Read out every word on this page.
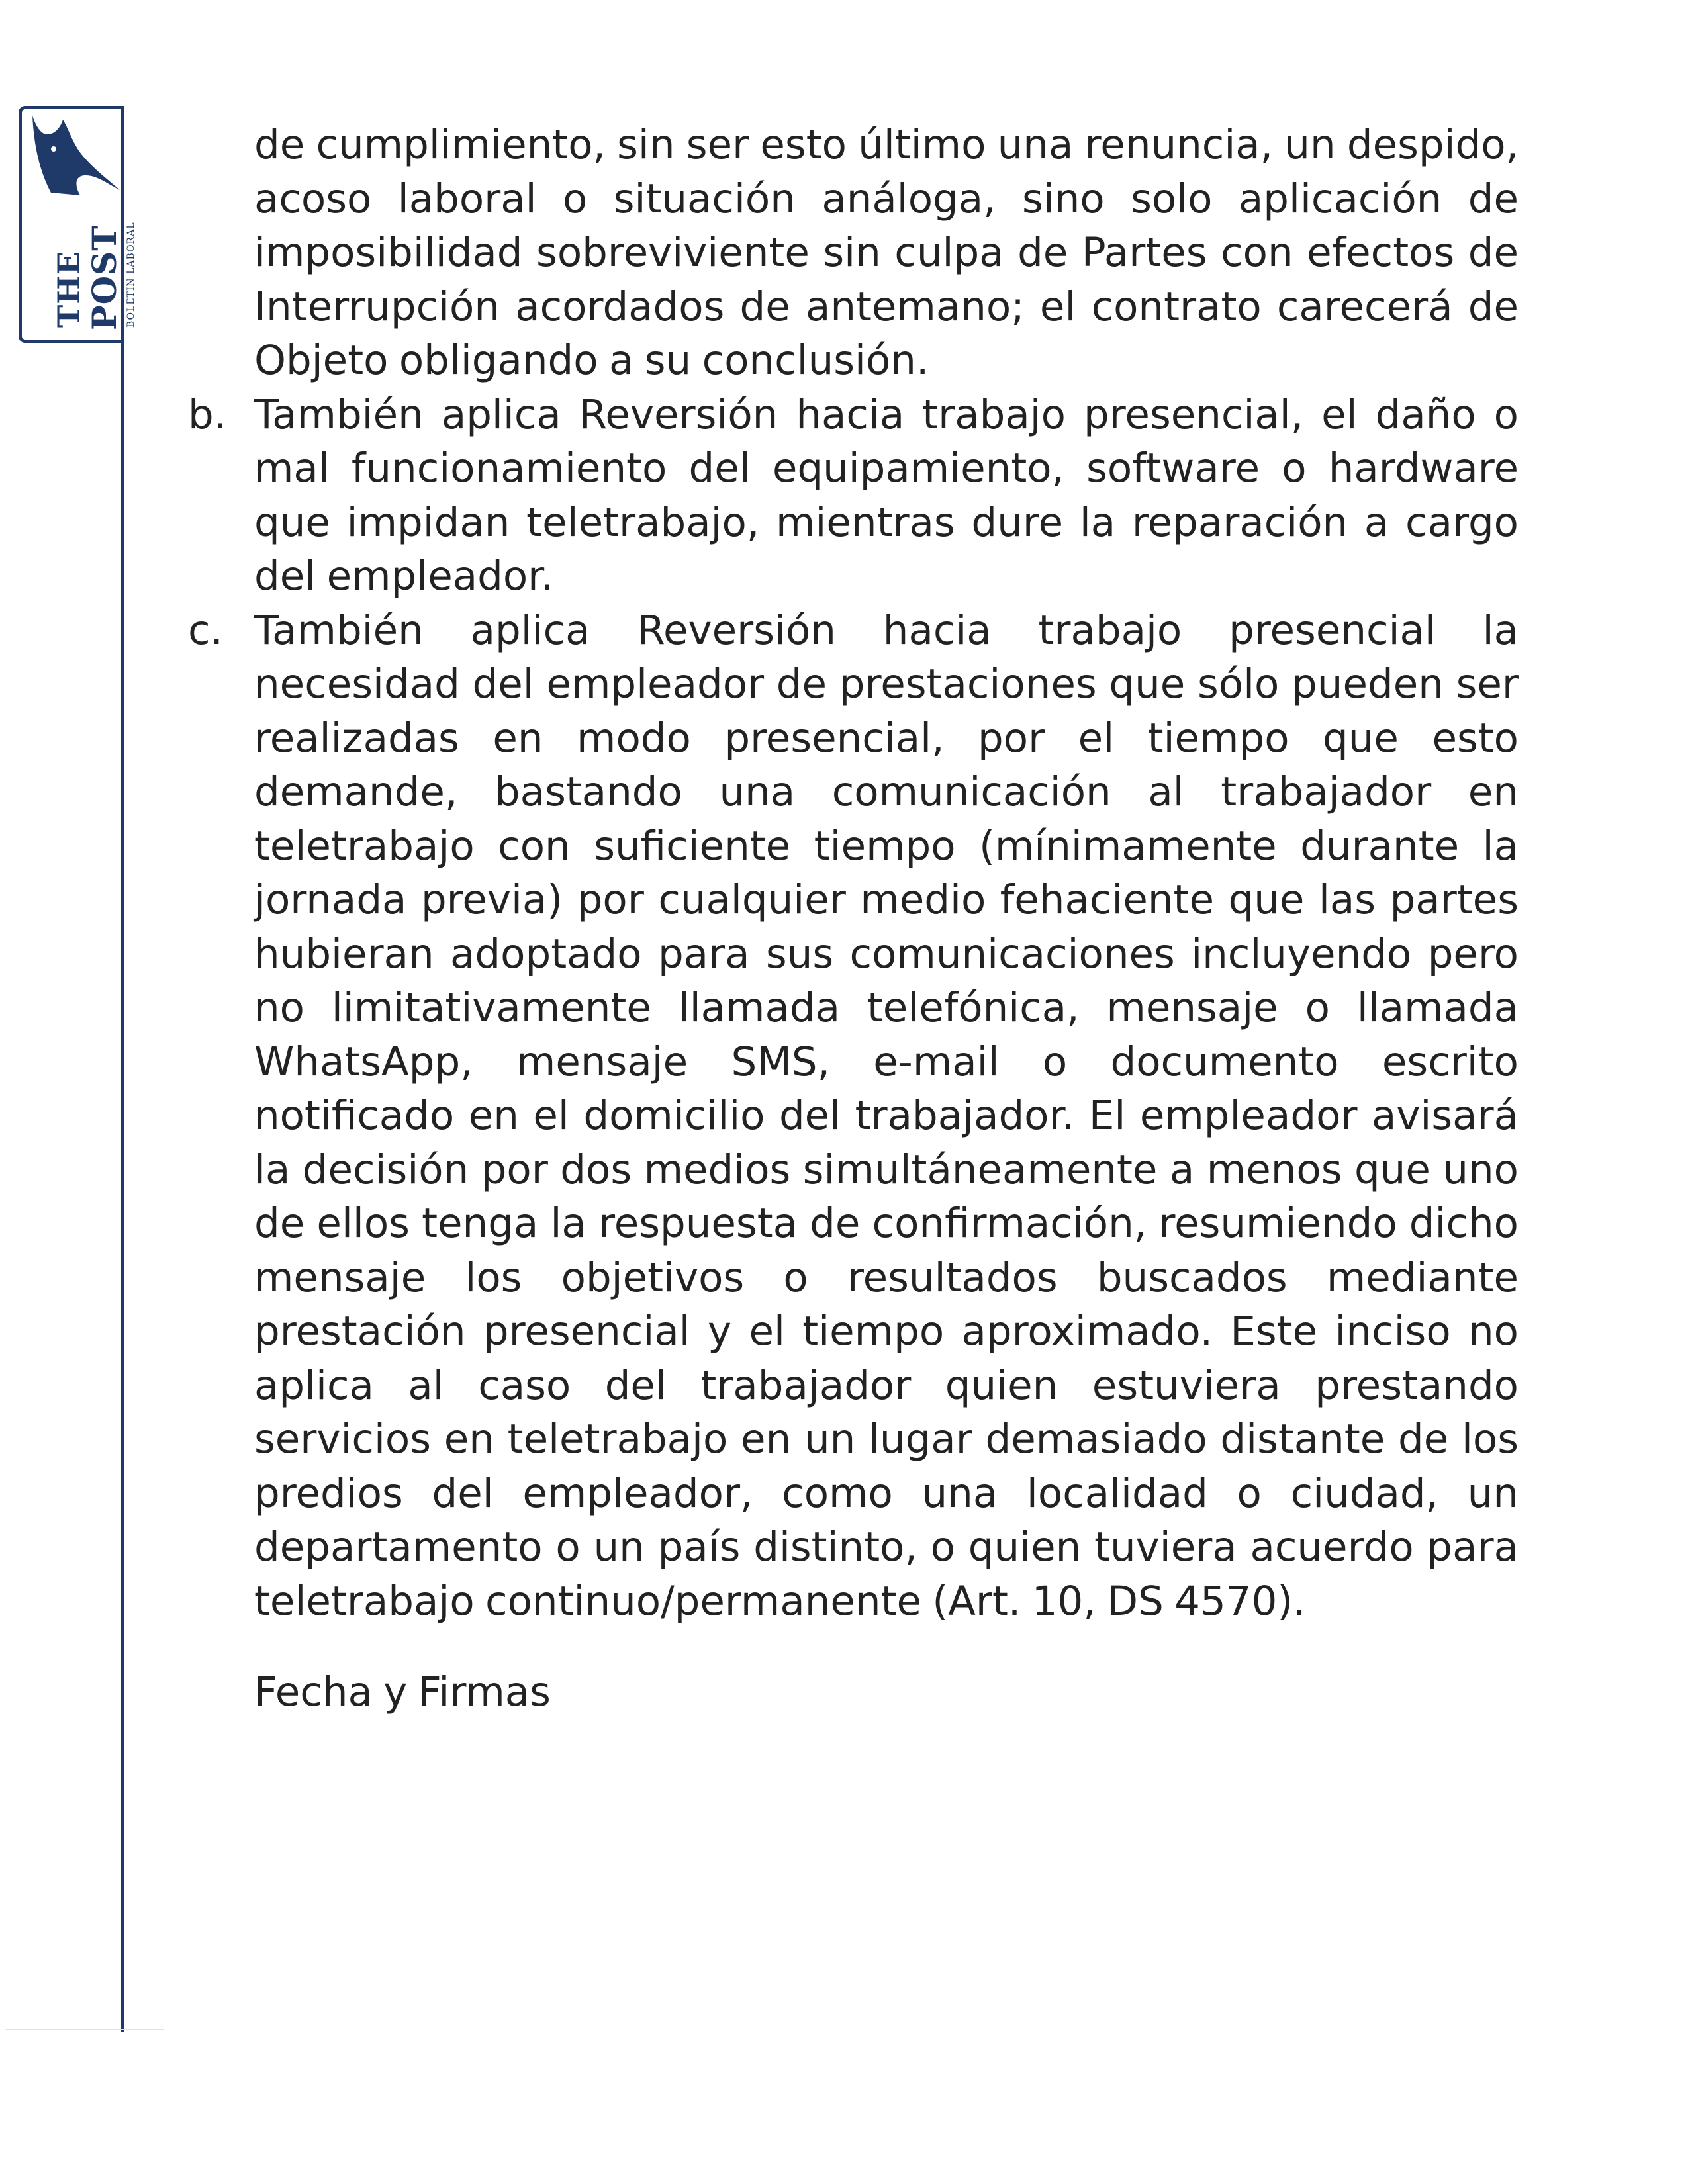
THE
POST BOLETIN LABORAL

de cumplimiento, sin ser esto último una renuncia, un despido, acoso laboral o situación análoga, sino solo aplicación de imposibilidad sobreviviente sin culpa de Partes con efectos de Interrupción acordados de antemano; el contrato carecerá de Objeto obligando a su conclusión.

b. También aplica Reversión hacia trabajo presencial, el daño o mal funcionamiento del equipamiento, software o hardware que impidan teletrabajo, mientras dure la reparación a cargo del empleador.
c. También aplica Reversión hacia trabajo presencial la necesidad del empleador de prestaciones que sólo pueden ser realizadas en modo presencial, por el tiempo que esto demande, bastando una comunicación al trabajador en teletrabajo con suficiente tiempo (mínimamente durante la jornada previa) por cualquier medio fehaciente que las partes hubieran adoptado para sus comunicaciones incluyendo pero no limitativamente llamada telefónica, mensaje o llamada WhatsApp, mensaje SMS, e-mail o documento escrito notificado en el domicilio del trabajador. El empleador avisará la decisión por dos medios simultáneamente a menos que uno de ellos tenga la respuesta de confirmación, resumiendo dicho mensaje los objetivos o resultados buscados mediante prestación presencial y el tiempo aproximado. Este inciso no aplica al caso del trabajador quien estuviera prestando servicios en teletrabajo en un lugar demasiado distante de los predios del empleador, como una localidad o ciudad, un departamento o un país distinto, o quien tuviera acuerdo para teletrabajo continuo/permanente (Art. 10, DS 4570).

Fecha y Firmas
